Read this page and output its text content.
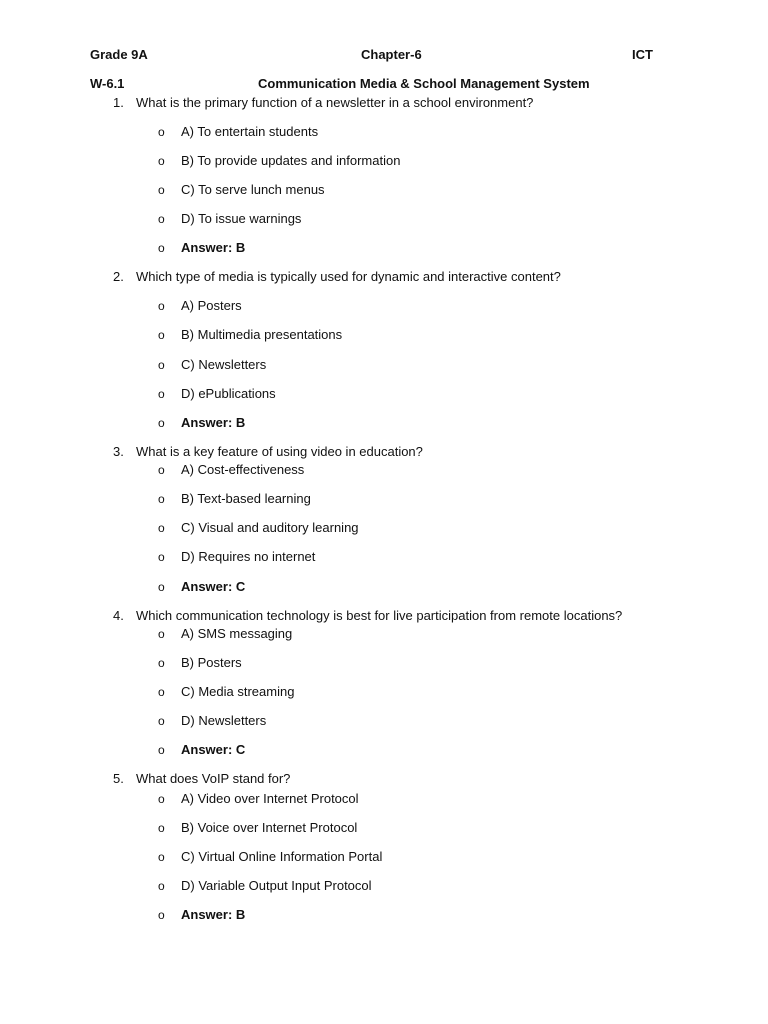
Grade 9A	Chapter-6	ICT
W-6.1	Communication Media & School Management System
1. What is the primary function of a newsletter in a school environment?
o A) To entertain students
o B) To provide updates and information
o C) To serve lunch menus
o D) To issue warnings
o Answer: B
2. Which type of media is typically used for dynamic and interactive content?
o A) Posters
o B) Multimedia presentations
o C) Newsletters
o D) ePublications
o Answer: B
3. What is a key feature of using video in education?
o A) Cost-effectiveness
o B) Text-based learning
o C) Visual and auditory learning
o D) Requires no internet
o Answer: C
4. Which communication technology is best for live participation from remote locations?
o A) SMS messaging
o B) Posters
o C) Media streaming
o D) Newsletters
o Answer: C
5. What does VoIP stand for?
o A) Video over Internet Protocol
o B) Voice over Internet Protocol
o C) Virtual Online Information Portal
o D) Variable Output Input Protocol
o Answer: B
